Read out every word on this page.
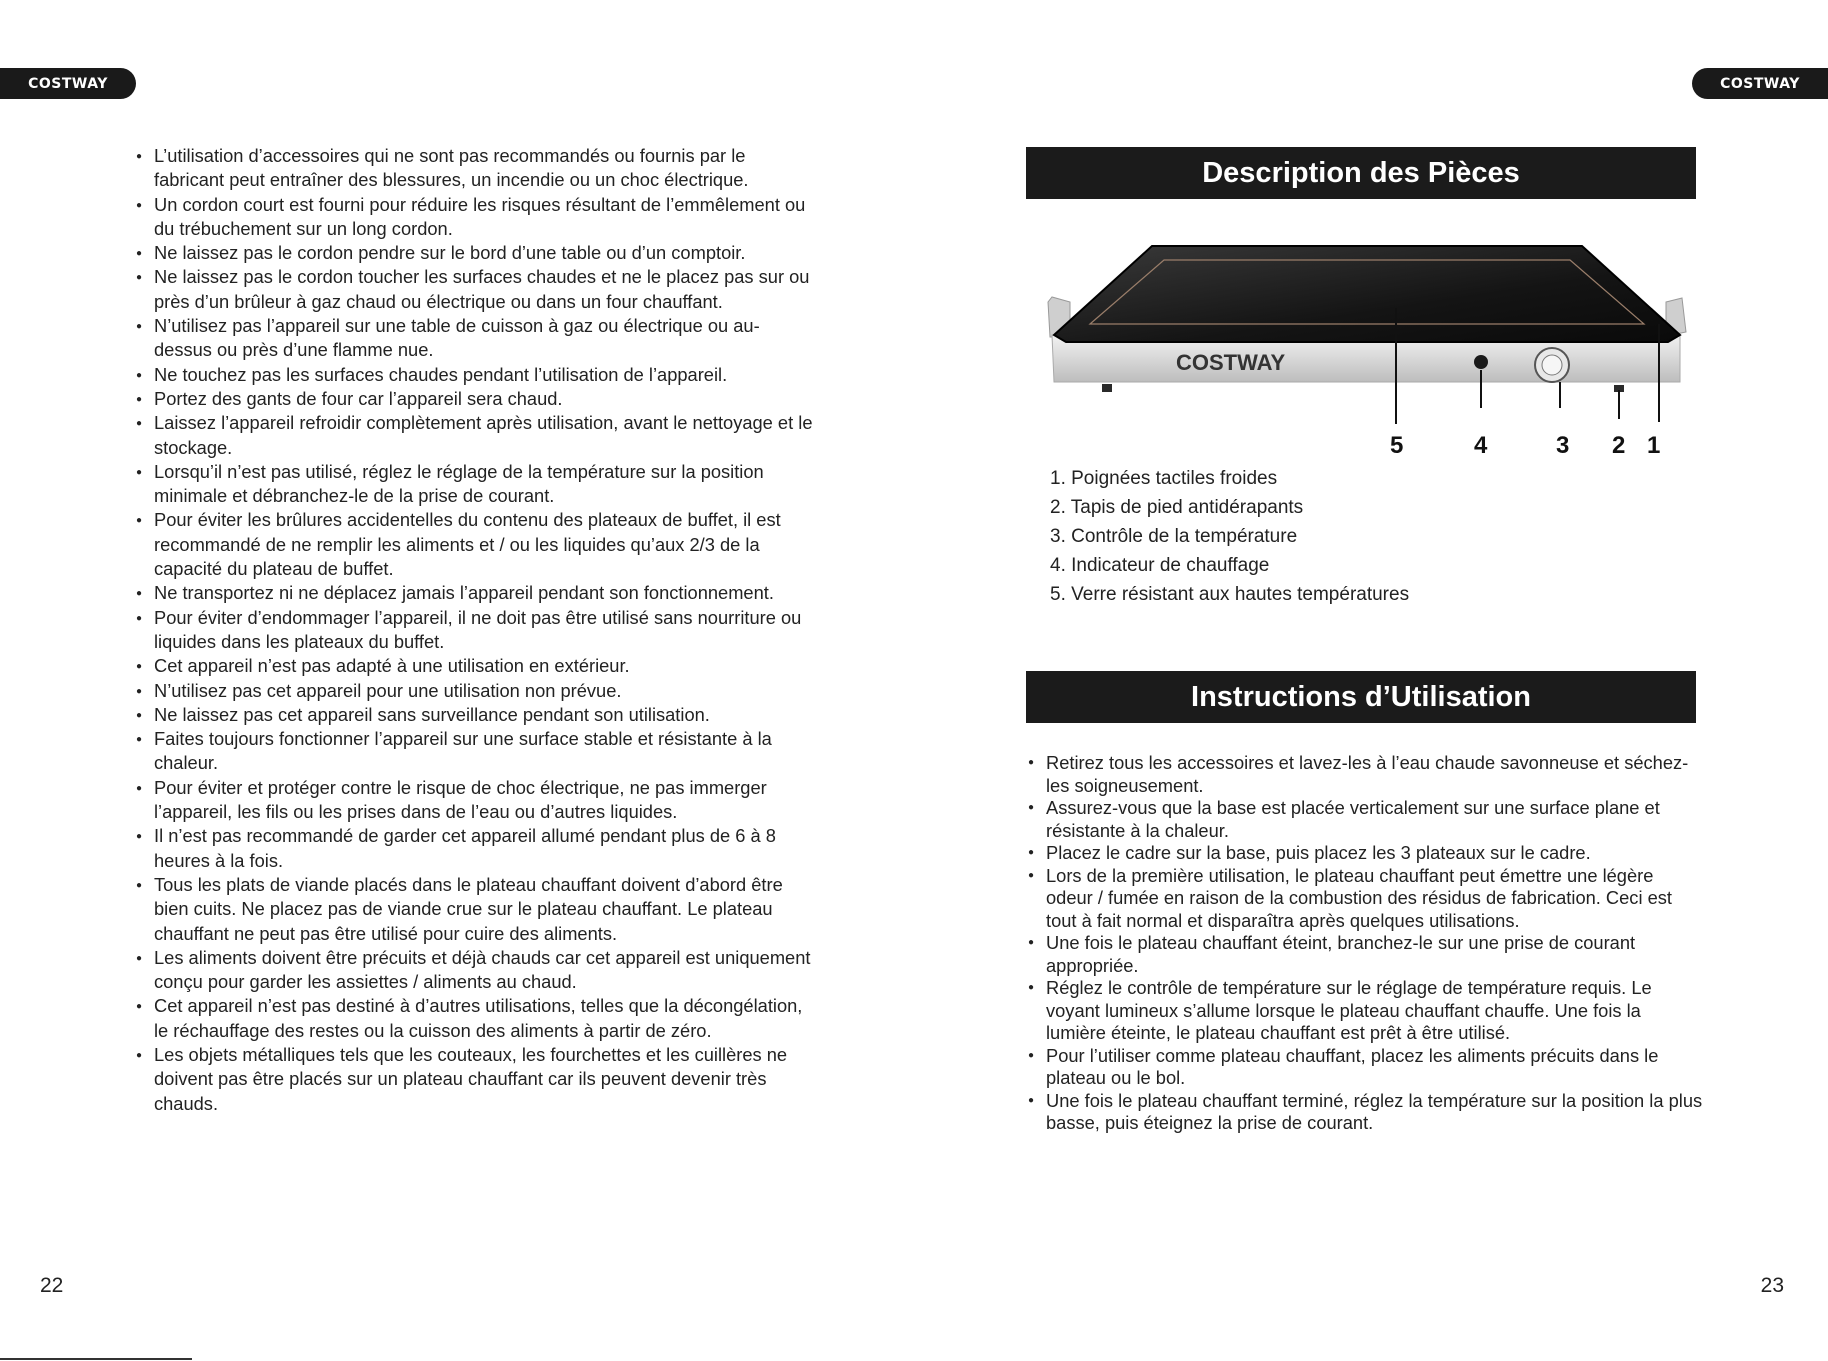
COSTWAY	COSTWAY
● L’utilisation d’accessoires qui ne sont pas recommandés ou fournis par le fabricant peut entraîner des blessures, un incendie ou un choc électrique.
● Un cordon court est fourni pour réduire les risques résultant de l’emmêlement ou du trébuchement sur un long cordon.
● Ne laissez pas le cordon pendre sur le bord d’une table ou d’un comptoir.
● Ne laissez pas le cordon toucher les surfaces chaudes et ne le placez pas sur ou près d’un brûleur à gaz chaud ou électrique ou dans un four chauffant.
● N’utilisez pas l’appareil sur une table de cuisson à gaz ou électrique ou au-dessus ou près d’une flamme nue.
● Ne touchez pas les surfaces chaudes pendant l’utilisation de l’appareil.
● Portez des gants de four car l’appareil sera chaud.
● Laissez l’appareil refroidir complètement après utilisation, avant le nettoyage et le stockage.
● Lorsqu’il n’est pas utilisé, réglez le réglage de la température sur la position minimale et débranchez-le de la prise de courant.
● Pour éviter les brûlures accidentelles du contenu des plateaux de buffet, il est recommandé de ne remplir les aliments et / ou les liquides qu’aux 2/3 de la capacité du plateau de buffet.
● Ne transportez ni ne déplacez jamais l’appareil pendant son fonctionnement.
● Pour éviter d’endommager l’appareil, il ne doit pas être utilisé sans nourriture ou liquides dans les plateaux du buffet.
● Cet appareil n’est pas adapté à une utilisation en extérieur.
● N’utilisez pas cet appareil pour une utilisation non prévue.
● Ne laissez pas cet appareil sans surveillance pendant son utilisation.
● Faites toujours fonctionner l’appareil sur une surface stable et résistante à la chaleur.
● Pour éviter et protéger contre le risque de choc électrique, ne pas immerger l’appareil, les fils ou les prises dans de l’eau ou d’autres liquides.
● Il n’est pas recommandé de garder cet appareil allumé pendant plus de 6 à 8 heures à la fois.
● Tous les plats de viande placés dans le plateau chauffant doivent d’abord être bien cuits. Ne placez pas de viande crue sur le plateau chauffant. Le plateau chauffant ne peut pas être utilisé pour cuire des aliments.
● Les aliments doivent être précuits et déjà chauds car cet appareil est uniquement conçu pour garder les assiettes / aliments au chaud.
● Cet appareil n’est pas destiné à d’autres utilisations, telles que la décongélation, le réchauffage des restes ou la cuisson des aliments à partir de zéro.
● Les objets métalliques tels que les couteaux, les fourchettes et les cuillères ne doivent pas être placés sur un plateau chauffant car ils peuvent devenir très chauds.
22
Description des Pièces
COSTWAY
5	4	3 2 1
1. Poignées tactiles froides
2. Tapis de pied antidérapants
3. Contrôle de la température
4. Indicateur de chauffage
5. Verre résistant aux hautes températures
Instructions d’Utilisation
● Retirez tous les accessoires et lavez-les à l’eau chaude savonneuse et séchez-les soigneusement.
● Assurez-vous que la base est placée verticalement sur une surface plane et résistante à la chaleur.
● Placez le cadre sur la base, puis placez les 3 plateaux sur le cadre.
● Lors de la première utilisation, le plateau chauffant peut émettre une légère odeur / fumée en raison de la combustion des résidus de fabrication. Ceci est tout à fait normal et disparaîtra après quelques utilisations.
● Une fois le plateau chauffant éteint, branchez-le sur une prise de courant appropriée.
● Réglez le contrôle de température sur le réglage de température requis. Le voyant lumineux s’allume lorsque le plateau chauffant chauffe. Une fois la lumière éteinte, le plateau chauffant est prêt à être utilisé.
● Pour l’utiliser comme plateau chauffant, placez les aliments précuits dans le plateau ou le bol.
● Une fois le plateau chauffant terminé, réglez la température sur la position la plus basse, puis éteignez la prise de courant.
23
